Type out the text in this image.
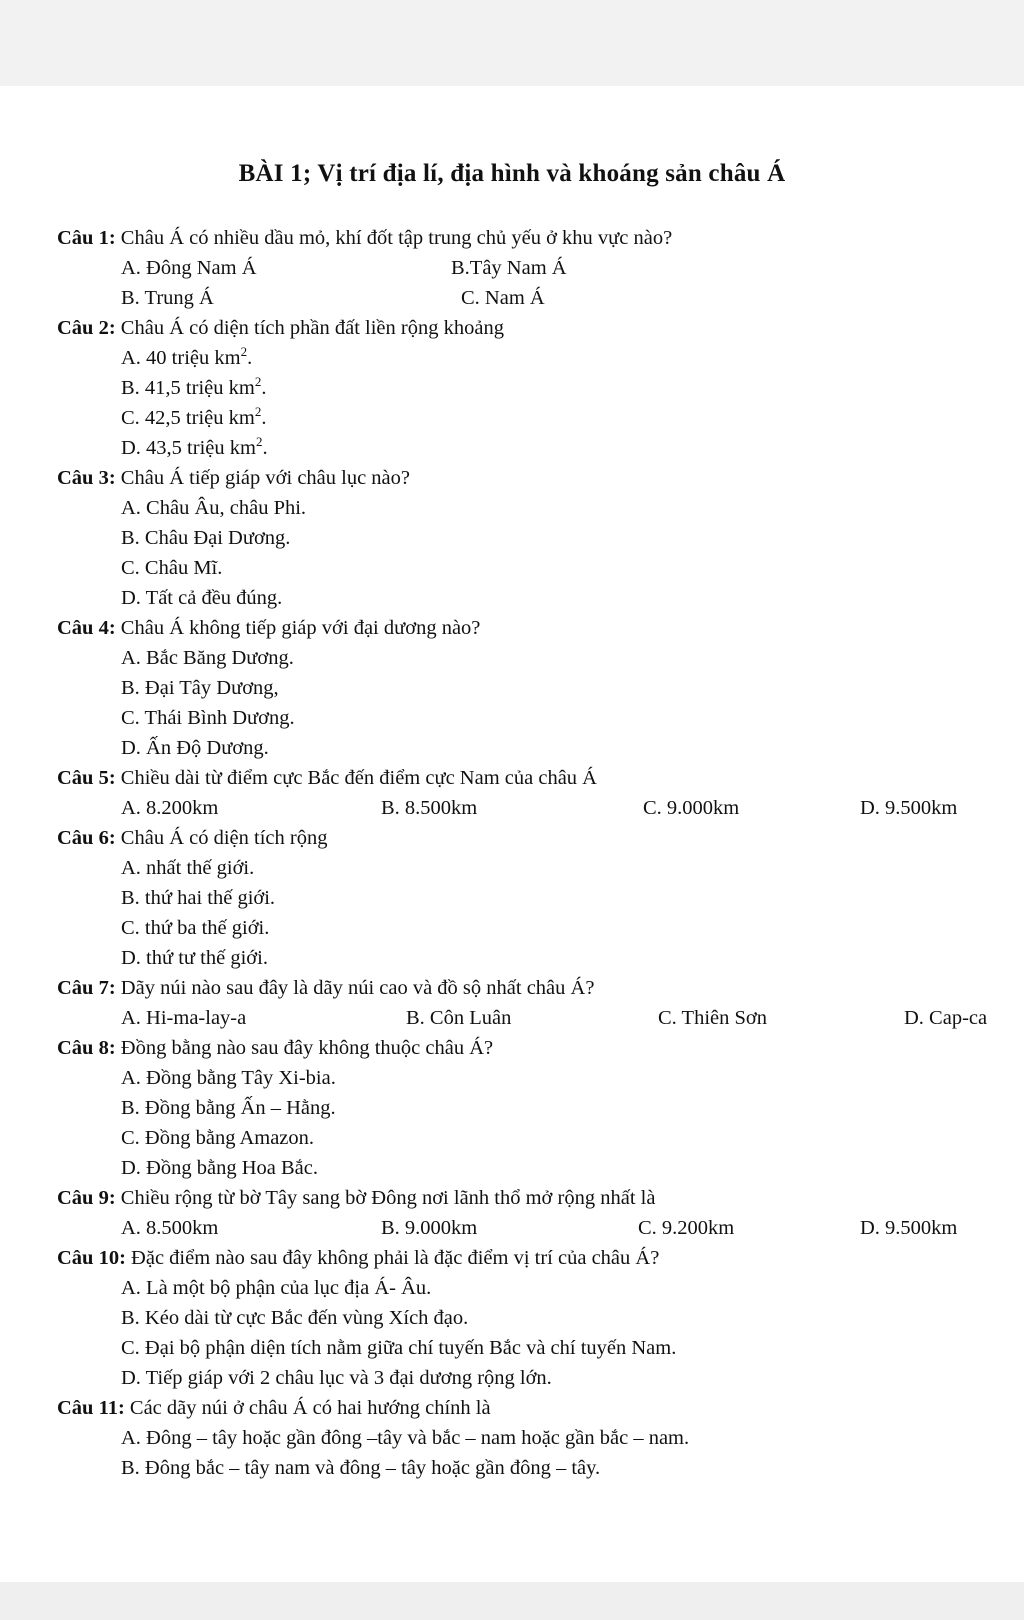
BÀI 1; Vị trí địa lí, địa hình và khoáng sản châu Á
Câu 1: Châu Á có nhiều dầu mỏ, khí đốt tập trung chủ yếu ở khu vực nào?
A. Đông Nam Á	B.Tây Nam Á
B. Trung Á	C. Nam Á
Câu 2: Châu Á có diện tích phần đất liền rộng khoảng
A. 40 triệu $km^2$.
B. 41,5 triệu $km^2$.
C. 42,5 triệu $km^2$.
D. 43,5 triệu $km^2$.
Câu 3: Châu Á tiếp giáp với châu lục nào?
A. Châu Âu, châu Phi.
B. Châu Đại Dương.
C. Châu Mĩ.
D. Tất cả đều đúng.
Câu 4: Châu Á không tiếp giáp với đại dương nào?
A. Bắc Băng Dương.
B. Đại Tây Dương,
C. Thái Bình Dương.
D. Ấn Độ Dương.
Câu 5: Chiều dài từ điểm cực Bắc đến điểm cực Nam của châu Á
A. 8.200km	B. 8.500km	C. 9.000km	D. 9.500km
Câu 6: Châu Á có diện tích rộng
A. nhất thế giới.
B. thứ hai thế giới.
C. thứ ba thế giới.
D. thứ tư thế giới.
Câu 7: Dãy núi nào sau đây là dãy núi cao và đồ sộ nhất châu Á?
A. Hi-ma-lay-a	B. Côn Luân	C. Thiên Sơn	D. Cap-ca
Câu 8: Đồng bằng nào sau đây không thuộc châu Á?
A. Đồng bằng Tây Xi-bia.
B. Đồng bằng Ấn – Hằng.
C. Đồng bằng Amazon.
D. Đồng bằng Hoa Bắc.
Câu 9: Chiều rộng từ bờ Tây sang bờ Đông nơi lãnh thổ mở rộng nhất là
A. 8.500km	B. 9.000km	C. 9.200km	D. 9.500km
Câu 10: Đặc điểm nào sau đây không phải là đặc điểm vị trí của châu Á?
A. Là một bộ phận của lục địa Á- Âu.
B. Kéo dài từ cực Bắc đến vùng Xích đạo.
C. Đại bộ phận diện tích nằm giữa chí tuyến Bắc và chí tuyến Nam.
D. Tiếp giáp với 2 châu lục và 3 đại dương rộng lớn.
Câu 11: Các dãy núi ở châu Á có hai hướng chính là
A. Đông – tây hoặc gần đông –tây và bắc – nam hoặc gần bắc – nam.
B. Đông bắc – tây nam và đông – tây hoặc gần đông – tây.
